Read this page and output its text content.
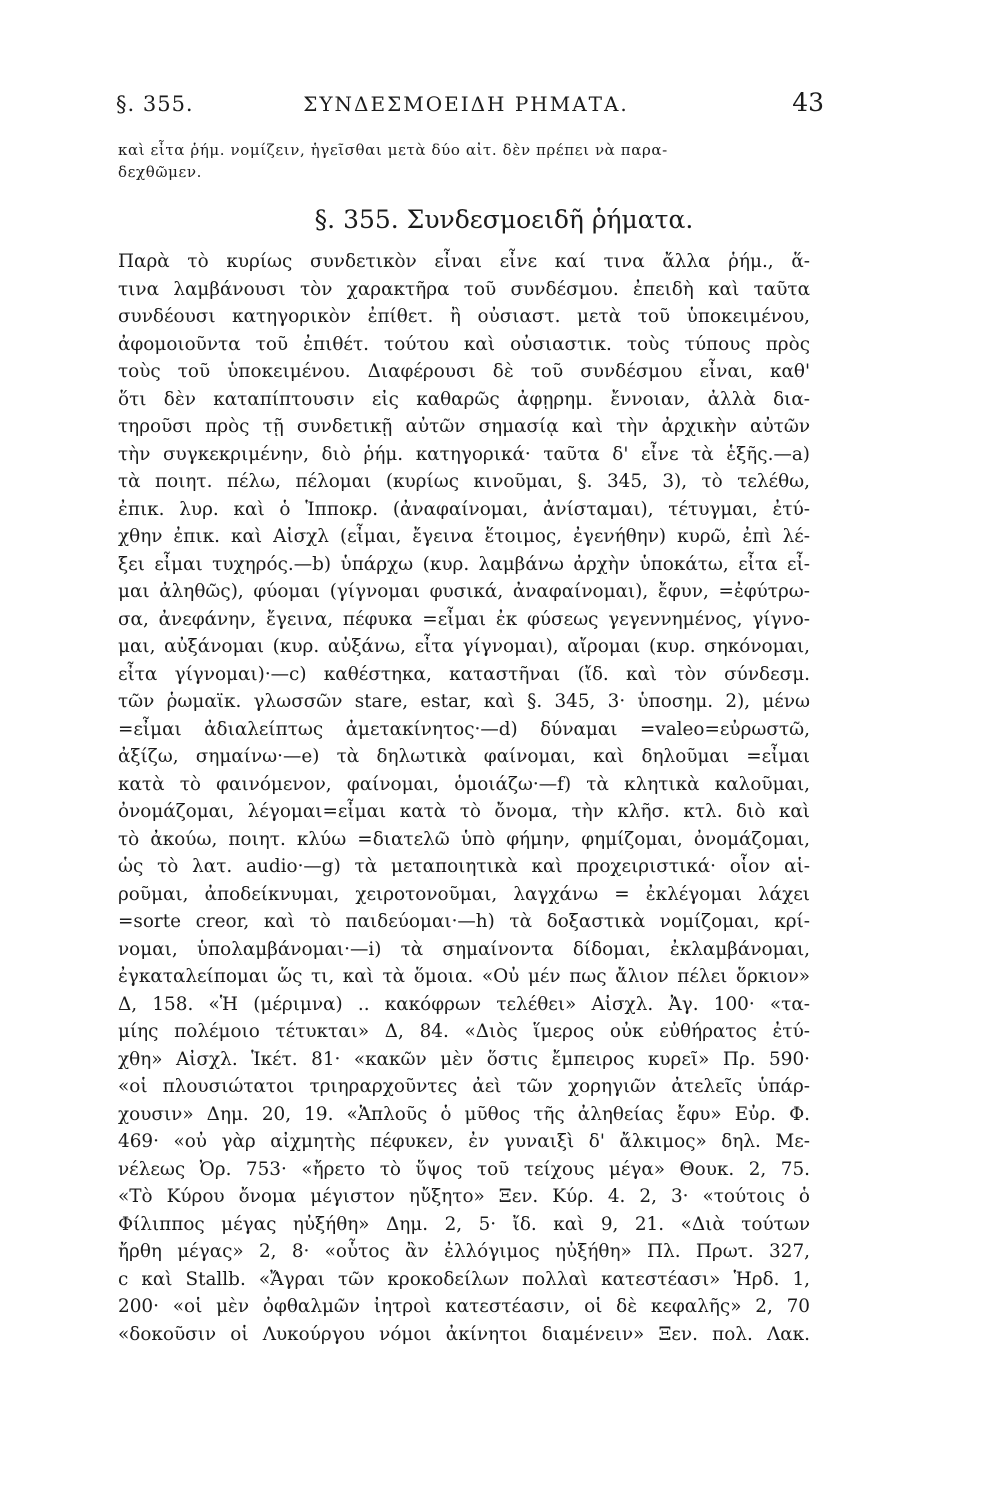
§. 355.	ΣΥΝΔΕΣΜΟΕΙΔΗ ΡΗΜΑΤΑ.	43
καὶ εἶτα ῥήμ. νομίζειν, ἡγεῖσθαι μετὰ δύο αἰτ. δὲν πρέπει νὰ παρα-
δεχθῶμεν.
§. 355. Συνδεσμοειδῆ ῥήματα.
Παρὰ τὸ κυρίως συνδετικὸν εἶναι εἶνε καί τινα ἄλλα ῥήμ., ἅ-
τινα λαμβάνουσι τὸν χαρακτῆρα τοῦ συνδέσμου. ἐπειδὴ καὶ ταῦτα
συνδέουσι κατηγορικὸν ἐπίθετ. ἢ οὐσιαστ. μετὰ τοῦ ὑποκειμένου,
ἀφομοιοῦντα τοῦ ἐπιθέτ. τούτου καὶ οὐσιαστικ. τοὺς τύπους πρὸς
τοὺς τοῦ ὑποκειμένου. Διαφέρουσι δὲ τοῦ συνδέσμου εἶναι, καθ'
ὅτι δὲν καταπίπτουσιν εἰς καθαρῶς ἀφῃρημ. ἔννοιαν, ἀλλὰ δια-
τηροῦσι πρὸς τῇ συνδετικῇ αὐτῶν σημασίᾳ καὶ τὴν ἀρχικὴν αὐτῶν
τὴν συγκεκριμένην, διὸ ῥήμ. κατηγορικά· ταῦτα δ' εἶνε τὰ ἑξῆς.—a)
τὰ ποιητ. πέλω, πέλομαι (κυρίως κινοῦμαι, §. 345, 3), τὸ τελέθω,
ἐπικ. λυρ. καὶ ὁ Ἱπποκρ. (ἀναφαίνομαι, ἀνίσταμαι), τέτυγμαι, ἐτύ-
χθην ἐπικ. καὶ Αἰσχλ (εἶμαι, ἔγεινα ἕτοιμος, ἐγενήθην) κυρῶ, ἐπὶ λέ-
ξει εἶμαι τυχηρός.—b) ὑπάρχω (κυρ. λαμβάνω ἀρχὴν ὑποκάτω, εἶτα εἶ-
μαι ἀληθῶς), φύομαι (γίγνομαι φυσικά, ἀναφαίνομαι), ἔφυν, =ἐφύτρω-
σα, ἀνεφάνην, ἔγεινα, πέφυκα =εἶμαι ἐκ φύσεως γεγεννημένος, γίγνο-
μαι, αὐξάνομαι (κυρ. αὐξάνω, εἶτα γίγνομαι), αἴρομαι (κυρ. σηκόνομαι,
εἶτα γίγνομαι)·—c) καθέστηκα, καταστῆναι (ἴδ. καὶ τὸν σύνδεσμ.
τῶν ῥωμαϊκ. γλωσσῶν stare, estar, καὶ §. 345, 3· ὑποσημ. 2), μένω
=εἶμαι ἀδιαλείπτως ἀμετακίνητος·—d) δύναμαι =valeo=εὐρωστῶ,
ἀξίζω, σημαίνω·—e) τὰ δηλωτικὰ φαίνομαι, καὶ δηλοῦμαι =εἶμαι
κατὰ τὸ φαινόμενον, φαίνομαι, ὁμοιάζω·—f) τὰ κλητικὰ καλοῦμαι,
ὀνομάζομαι, λέγομαι=εἶμαι κατὰ τὸ ὄνομα, τὴν κλῆσ. κτλ. διὸ καὶ
τὸ ἀκούω, ποιητ. κλύω =διατελῶ ὑπὸ φήμην, φημίζομαι, ὀνομάζομαι,
ὡς τὸ λατ. audio·—g) τὰ μεταποιητικὰ καὶ προχειριστικά· οἷον αἱ-
ροῦμαι, ἀποδείκνυμαι, χειροτονοῦμαι, λαγχάνω = ἐκλέγομαι λάχει
=sorte creor, καὶ τὸ παιδεύομαι·—h) τὰ δοξαστικὰ νομίζομαι, κρί-
νομαι, ὑπολαμβάνομαι·—i) τὰ σημαίνοντα δίδομαι, ἐκλαμβάνομαι,
ἐγκαταλείπομαι ὥς τι, καὶ τὰ ὅμοια. «Οὐ μέν πως ἄλιον πέλει ὅρκιον»
Δ, 158. «Ἡ (μέριμνα) .. κακόφρων τελέθει» Αἰσχλ. Ἀγ. 100· «τα-
μίης πολέμοιο τέτυκται» Δ, 84. «Διὸς ἵμερος οὐκ εὐθήρατος ἐτύ-
χθη» Αἰσχλ. Ἱκέτ. 81· «κακῶν μὲν ὅστις ἔμπειρος κυρεῖ» Πρ. 590·
«οἱ πλουσιώτατοι τριηραρχοῦντες ἀεὶ τῶν χορηγιῶν ἀτελεῖς ὑπάρ-
χουσιν» Δημ. 20, 19. «Ἁπλοῦς ὁ μῦθος τῆς ἀληθείας ἔφυ» Εὐρ. Φ.
469· «οὐ γὰρ αἰχμητὴς πέφυκεν, ἐν γυναιξὶ δ' ἄλκιμος» δηλ. Με-
νέλεως Ὀρ. 753· «ἤρετο τὸ ὕψος τοῦ τείχους μέγα» Θουκ. 2, 75.
«Τὸ Κύρου ὄνομα μέγιστον ηὔξητο» Ξεν. Κύρ. 4. 2, 3· «τούτοις ὁ
Φίλιππος μέγας ηὐξήθη» Δημ. 2, 5· ἴδ. καὶ 9, 21. «Διὰ τούτων
ἤρθη μέγας» 2, 8· «οὗτος ἂν ἐλλόγιμος ηὐξήθη» Πλ. Πρωτ. 327,
c καὶ Stallb. «Ἄγραι τῶν κροκοδείλων πολλαὶ κατεστέασι» Ἡρδ. 1,
200· «οἱ μὲν ὀφθαλμῶν ἰητροὶ κατεστέασιν, οἱ δὲ κεφαλῆς» 2, 70
«δοκοῦσιν οἱ Λυκούργου νόμοι ἀκίνητοι διαμένειν» Ξεν. πολ. Λακ.
